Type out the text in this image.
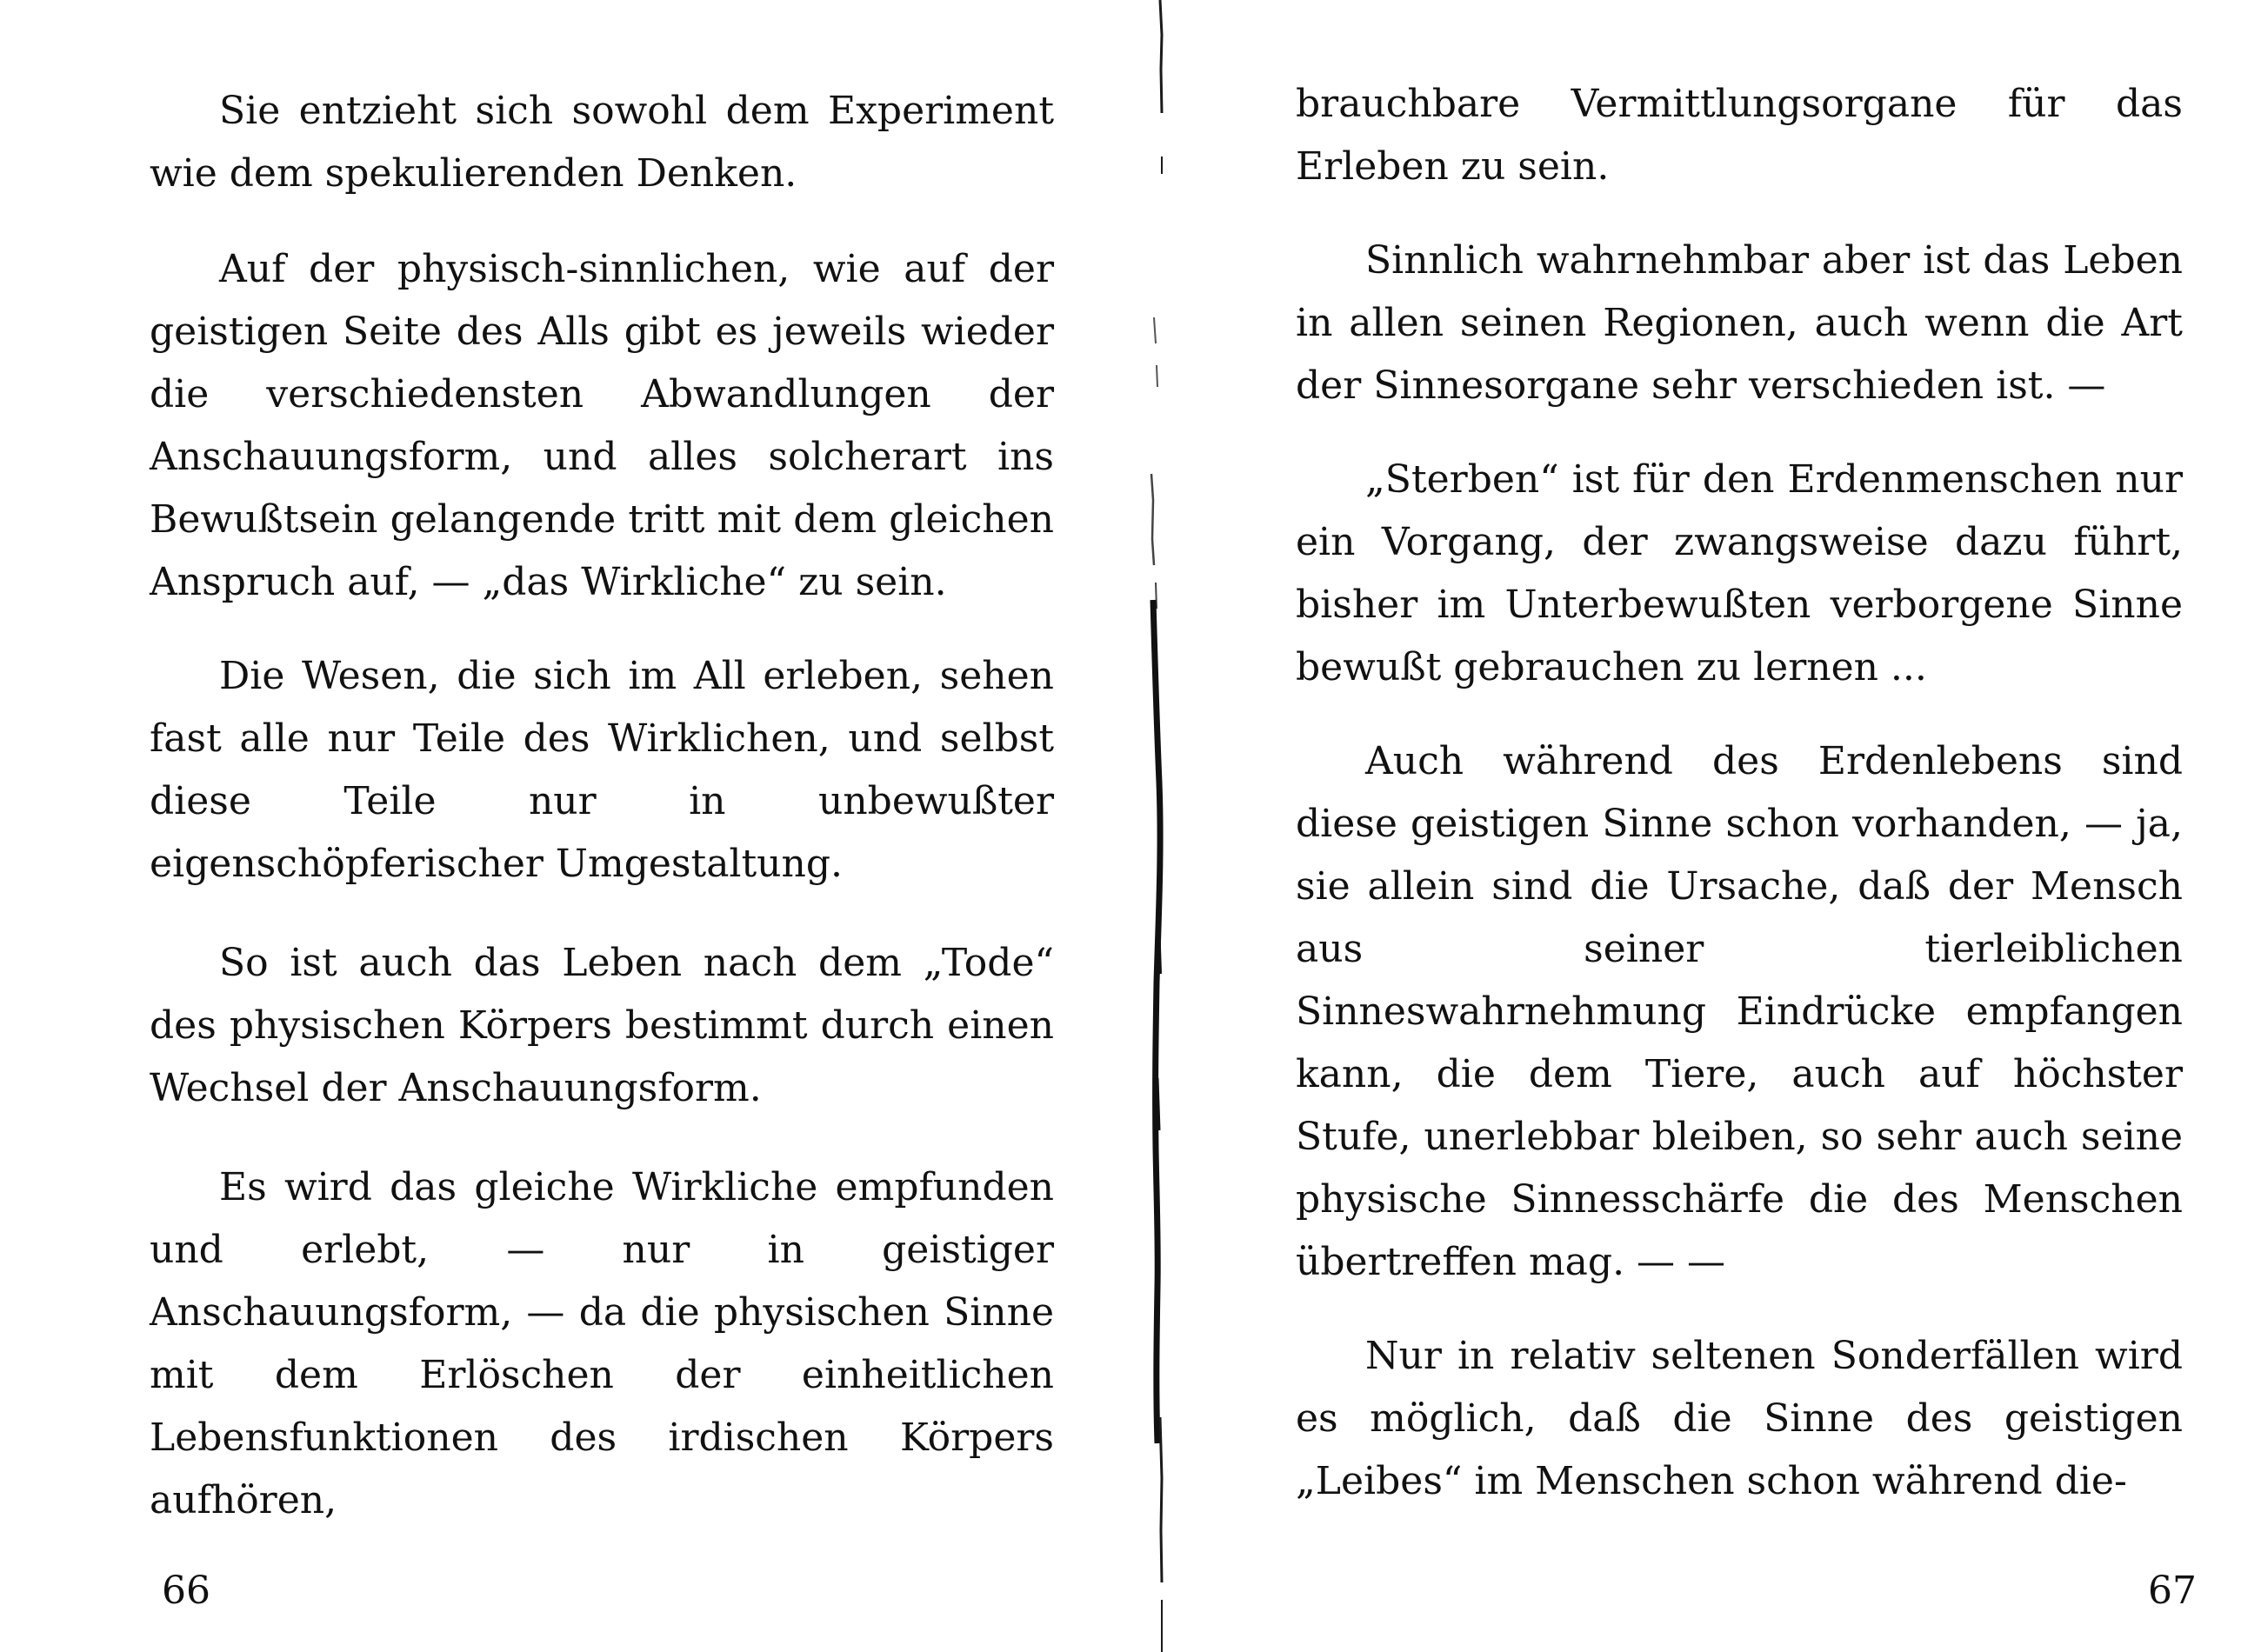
Sie entzieht sich sowohl dem Experiment wie dem spekulierenden Denken.

Auf der physisch-sinnlichen, wie auf der geistigen Seite des Alls gibt es jeweils wieder die verschiedensten Abwandlungen der Anschauungsform, und alles solcherart ins Bewußtsein gelangende tritt mit dem gleichen Anspruch auf, — „das Wirkliche“ zu sein.

Die Wesen, die sich im All erleben, sehen fast alle nur Teile des Wirklichen, und selbst diese Teile nur in unbewußter eigenschöpferischer Umgestaltung.

So ist auch das Leben nach dem „Tode“ des physischen Körpers bestimmt durch einen Wechsel der Anschauungsform.

Es wird das gleiche Wirkliche empfunden und erlebt, — nur in geistiger Anschauungsform, — da die physischen Sinne mit dem Erlöschen der einheitlichen Lebensfunktionen des irdischen Körpers aufhören,

66

brauchbare Vermittlungsorgane für das Erleben zu sein.

Sinnlich wahrnehmbar aber ist das Leben in allen seinen Regionen, auch wenn die Art der Sinnesorgane sehr verschieden ist. —

„Sterben“ ist für den Erdenmenschen nur ein Vorgang, der zwangsweise dazu führt, bisher im Unterbewußten verborgene Sinne bewußt gebrauchen zu lernen ...

Auch während des Erdenlebens sind diese geistigen Sinne schon vorhanden, — ja, sie allein sind die Ursache, daß der Mensch aus seiner tierleiblichen Sinneswahrnehmung Eindrücke empfangen kann, die dem Tiere, auch auf höchster Stufe, unerlebbar bleiben, so sehr auch seine physische Sinnesschärfe die des Menschen übertreffen mag. — —

Nur in relativ seltenen Sonderfällen wird es möglich, daß die Sinne des geistigen „Leibes“ im Menschen schon während die-

67
